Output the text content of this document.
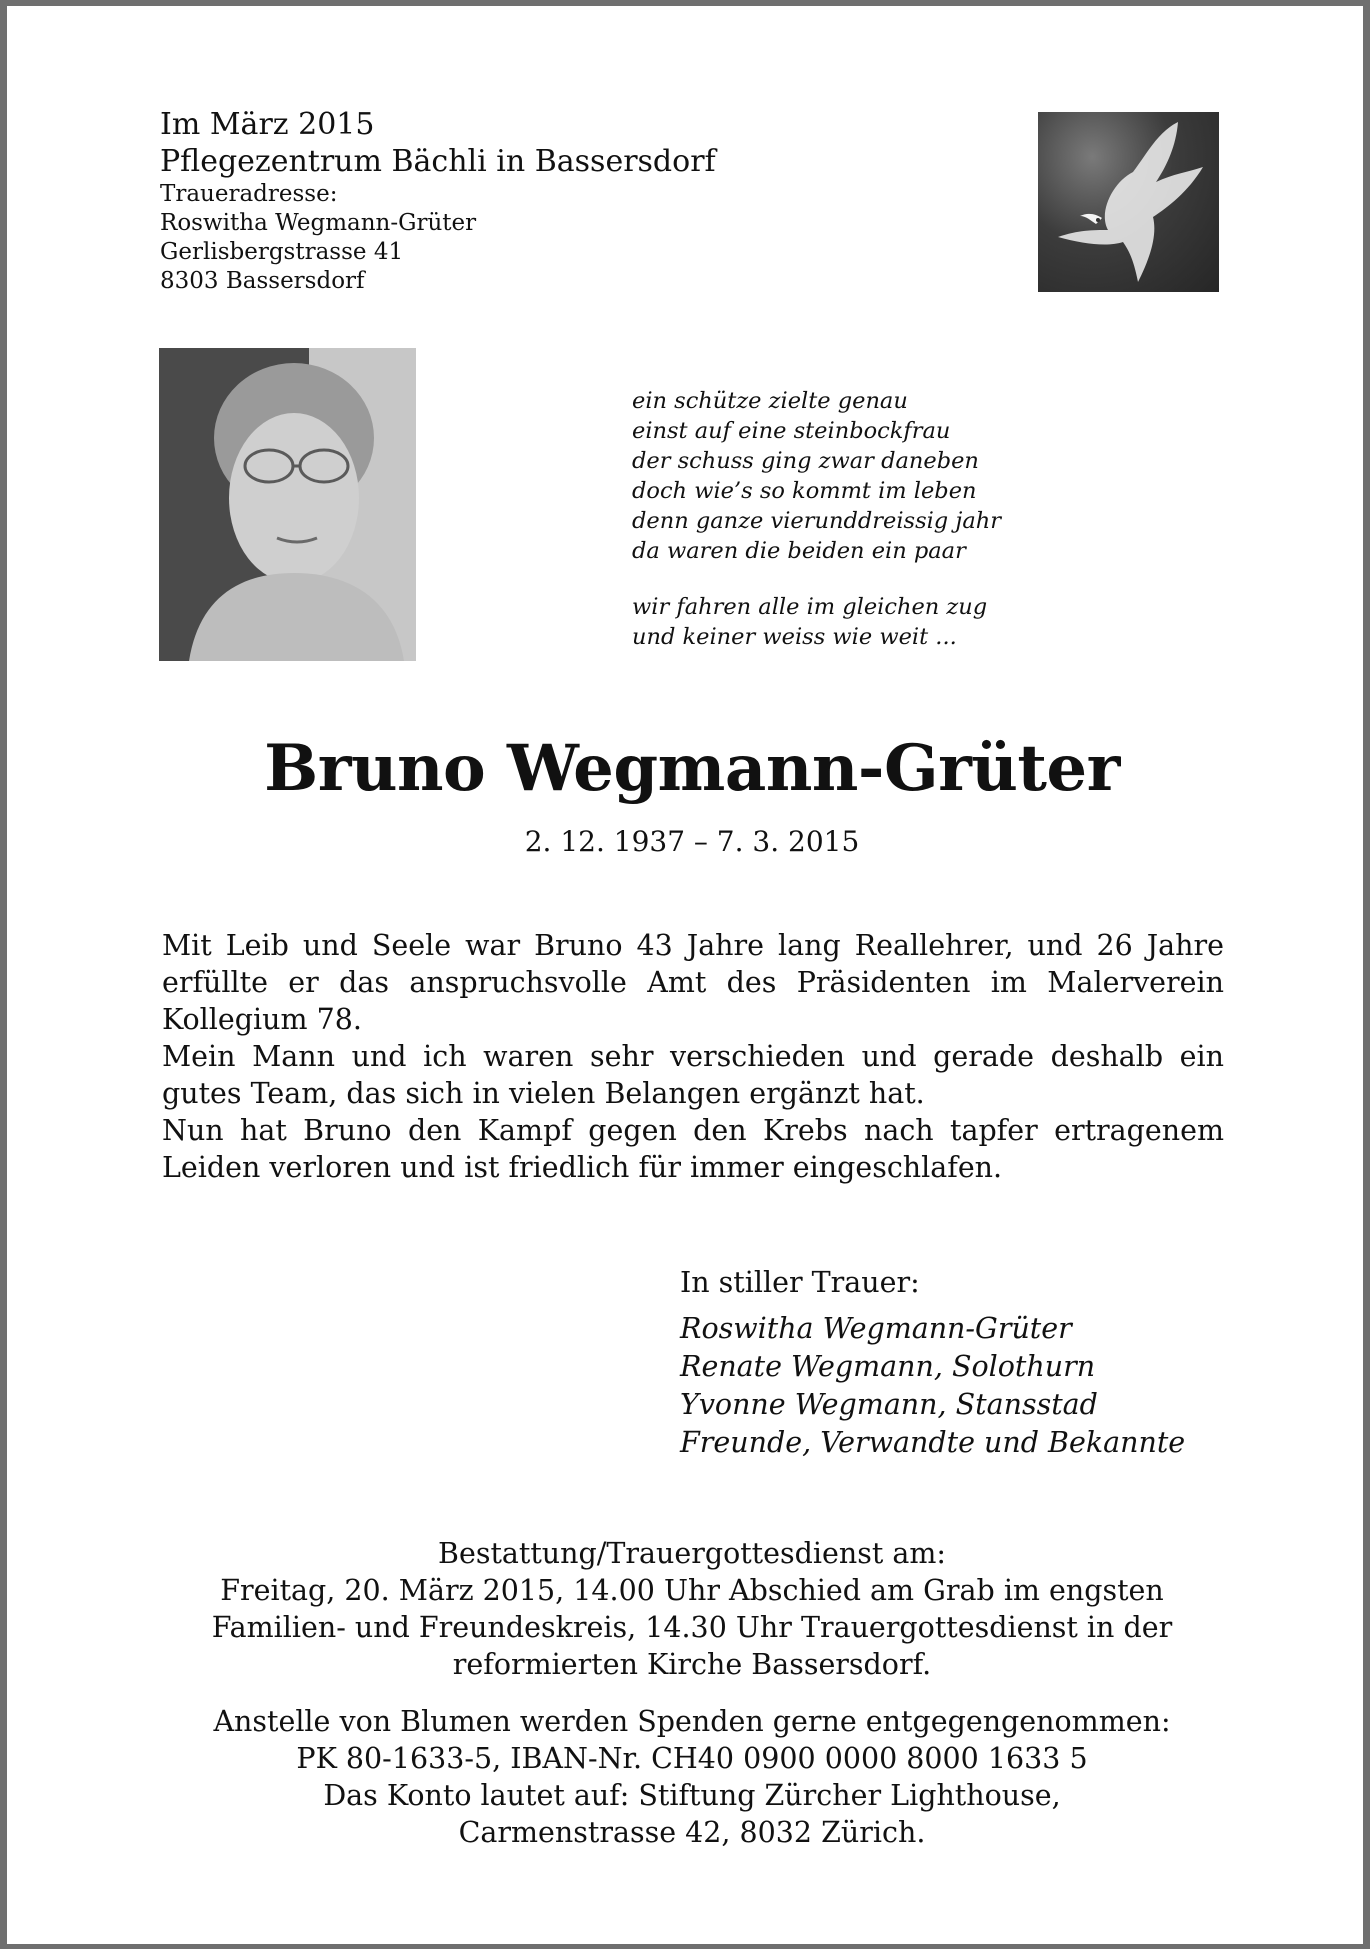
Im März 2015
Pflegezentrum Bächli in Bassersdorf
Traueradresse:
Roswitha Wegmann-Grüter
Gerlisbergstrasse 41
8303 Bassersdorf
ein schütze zielte genau
einst auf eine steinbockfrau
der schuss ging zwar daneben
doch wie’s so kommt im leben
denn ganze vierunddreissig jahr
da waren die beiden ein paar
wir fahren alle im gleichen zug
und keiner weiss wie weit ...
Bruno Wegmann-Grüter
2. 12. 1937 – 7. 3. 2015

Mit Leib und Seele war Bruno 43 Jahre lang Reallehrer, und 26 Jahre erfüllte er das anspruchsvolle Amt des Präsidenten im Malerverein Kollegium 78.

Mein Mann und ich waren sehr verschieden und gerade deshalb ein gutes Team, das sich in vielen Belangen ergänzt hat.

Nun hat Bruno den Kampf gegen den Krebs nach tapfer ertragenem Leiden verloren und ist friedlich für immer eingeschlafen.

In stiller Trauer:
Roswitha Wegmann-Grüter
Renate Wegmann, Solothurn
Yvonne Wegmann, Stansstad
Freunde, Verwandte und Bekannte
Bestattung/Trauergottesdienst am:
Freitag, 20. März 2015, 14.00 Uhr Abschied am Grab im engsten
Familien- und Freundeskreis, 14.30 Uhr Trauergottesdienst in der
reformierten Kirche Bassersdorf.
Anstelle von Blumen werden Spenden gerne entgegengenommen:
PK 80-1633-5, IBAN-Nr. CH40 0900 0000 8000 1633 5
Das Konto lautet auf: Stiftung Zürcher Lighthouse,
Carmenstrasse 42, 8032 Zürich.
